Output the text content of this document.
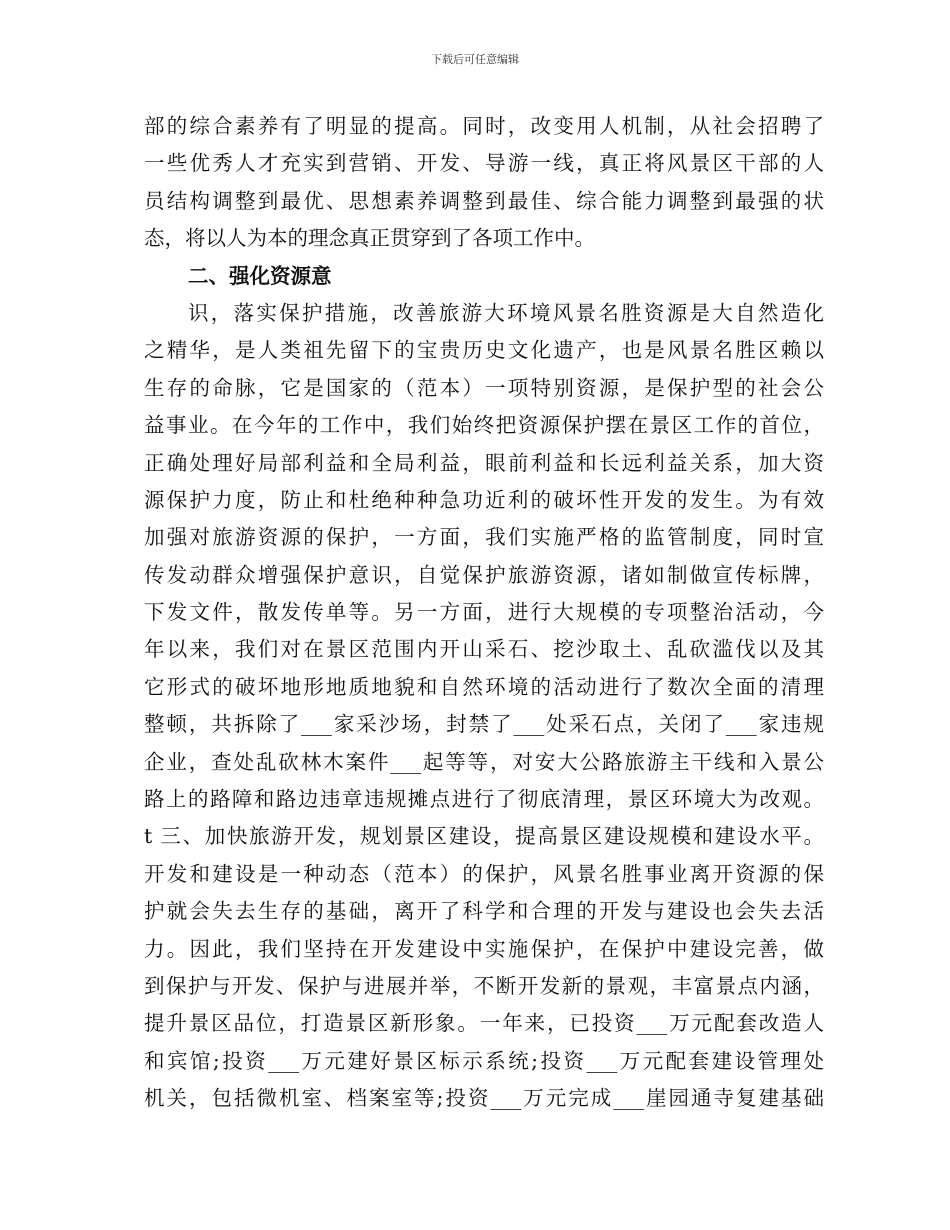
下载后可任意编辑
部的综合素养有了明显的提高。同时，改变用人机制，从社会招聘了
一些优秀人才充实到营销、开发、导游一线，真正将风景区干部的人
员结构调整到最优、思想素养调整到最佳、综合能力调整到最强的状
态，将以人为本的理念真正贯穿到了各项工作中。
二、强化资源意
识，落实保护措施，改善旅游大环境风景名胜资源是大自然造化
之精华，是人类祖先留下的宝贵历史文化遗产，也是风景名胜区赖以
生存的命脉，它是国家的（范本）一项特别资源，是保护型的社会公
益事业。在今年的工作中，我们始终把资源保护摆在景区工作的首位，
正确处理好局部利益和全局利益，眼前利益和长远利益关系，加大资
源保护力度，防止和杜绝种种急功近利的破坏性开发的发生。为有效
加强对旅游资源的保护，一方面，我们实施严格的监管制度，同时宣
传发动群众增强保护意识，自觉保护旅游资源，诸如制做宣传标牌，
下发文件，散发传单等。另一方面，进行大规模的专项整治活动，今
年以来，我们对在景区范围内开山采石、挖沙取土、乱砍滥伐以及其
它形式的破坏地形地质地貌和自然环境的活动进行了数次全面的清理
整顿，共拆除了___家采沙场，封禁了___处采石点，关闭了___家违规
企业，查处乱砍林木案件___起等等，对安大公路旅游主干线和入景公
路上的路障和路边违章违规摊点进行了彻底清理，景区环境大为改观。
t 三、加快旅游开发，规划景区建设，提高景区建设规模和建设水平。
开发和建设是一种动态（范本）的保护，风景名胜事业离开资源的保
护就会失去生存的基础，离开了科学和合理的开发与建设也会失去活
力。因此，我们坚持在开发建设中实施保护，在保护中建设完善，做
到保护与开发、保护与进展并举，不断开发新的景观，丰富景点内涵，
提升景区品位，打造景区新形象。一年来，已投资___万元配套改造人
和宾馆;投资___万元建好景区标示系统;投资___万元配套建设管理处
机关，包括微机室、档案室等;投资___万元完成___崖园通寺复建基础
